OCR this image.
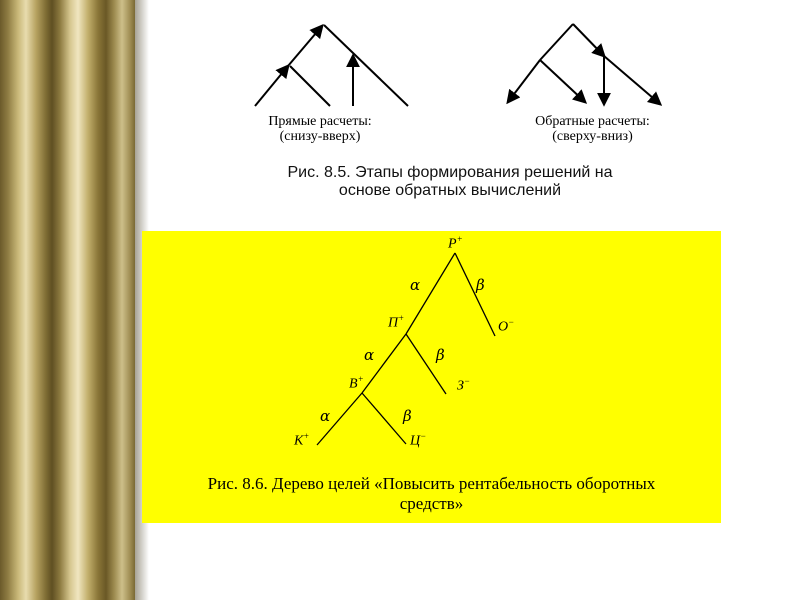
Прямые расчеты:
(снизу-вверх)
Обратные расчеты:
(сверху-вниз)
Рис. 8.5. Этапы формирования решений на
основе обратных вычислений
Р+
П+
О−
В+	З−
К+	Ц−
α	β
α	β
α	β
Рис. 8.6. Дерево целей «Повысить рентабельность оборотных
средств»
